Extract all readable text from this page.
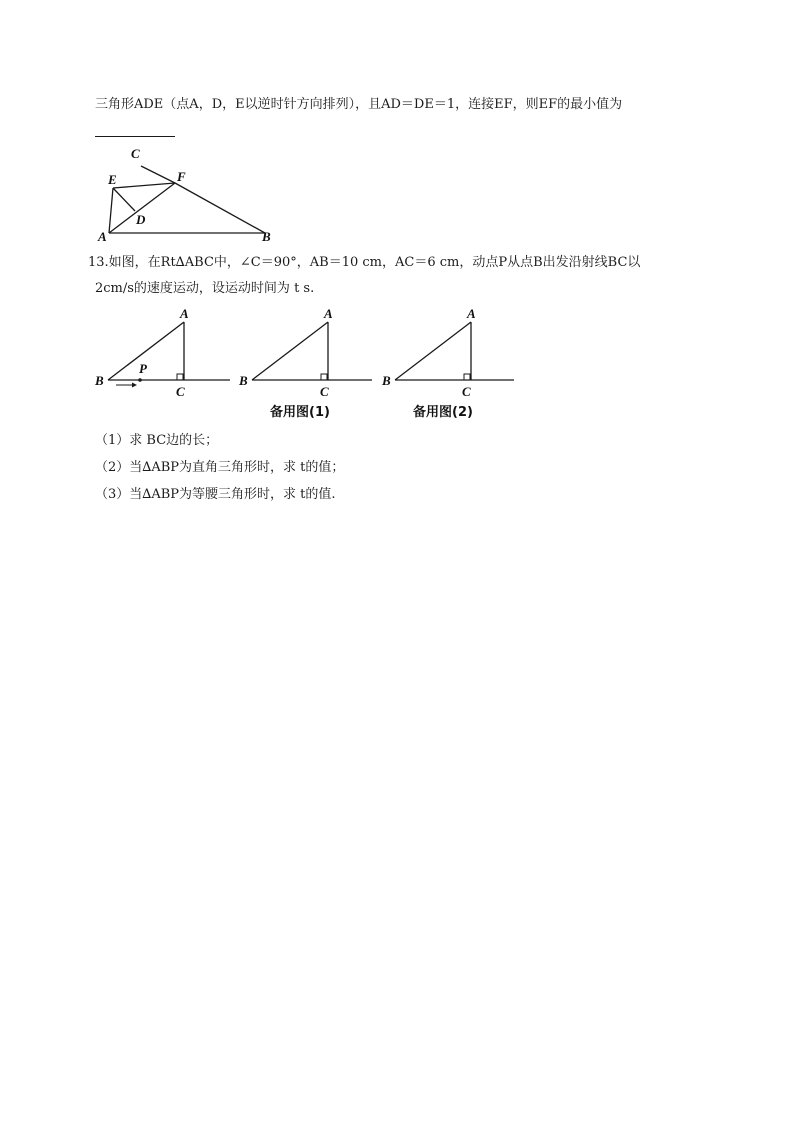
三角形ADE（点A，D，E以逆时针方向排列），且AD＝DE＝1，连接EF，则EF的最小值为
C
F
E
D
A	B
13.如图，在Rt∆ABC中，∠C＝90°，AB＝10 cm，AC＝6 cm，动点P从点B出发沿射线BC以
2cm/s的速度运动，设运动时间为 t s.
A
B
C
P
A
B
C
备用图(1)
A
B
C
备用图(2)
（1）求 BC边的长；
（2）当∆ABP为直角三角形时，求 t的值；
（3）当∆ABP为等腰三角形时，求 t的值.
